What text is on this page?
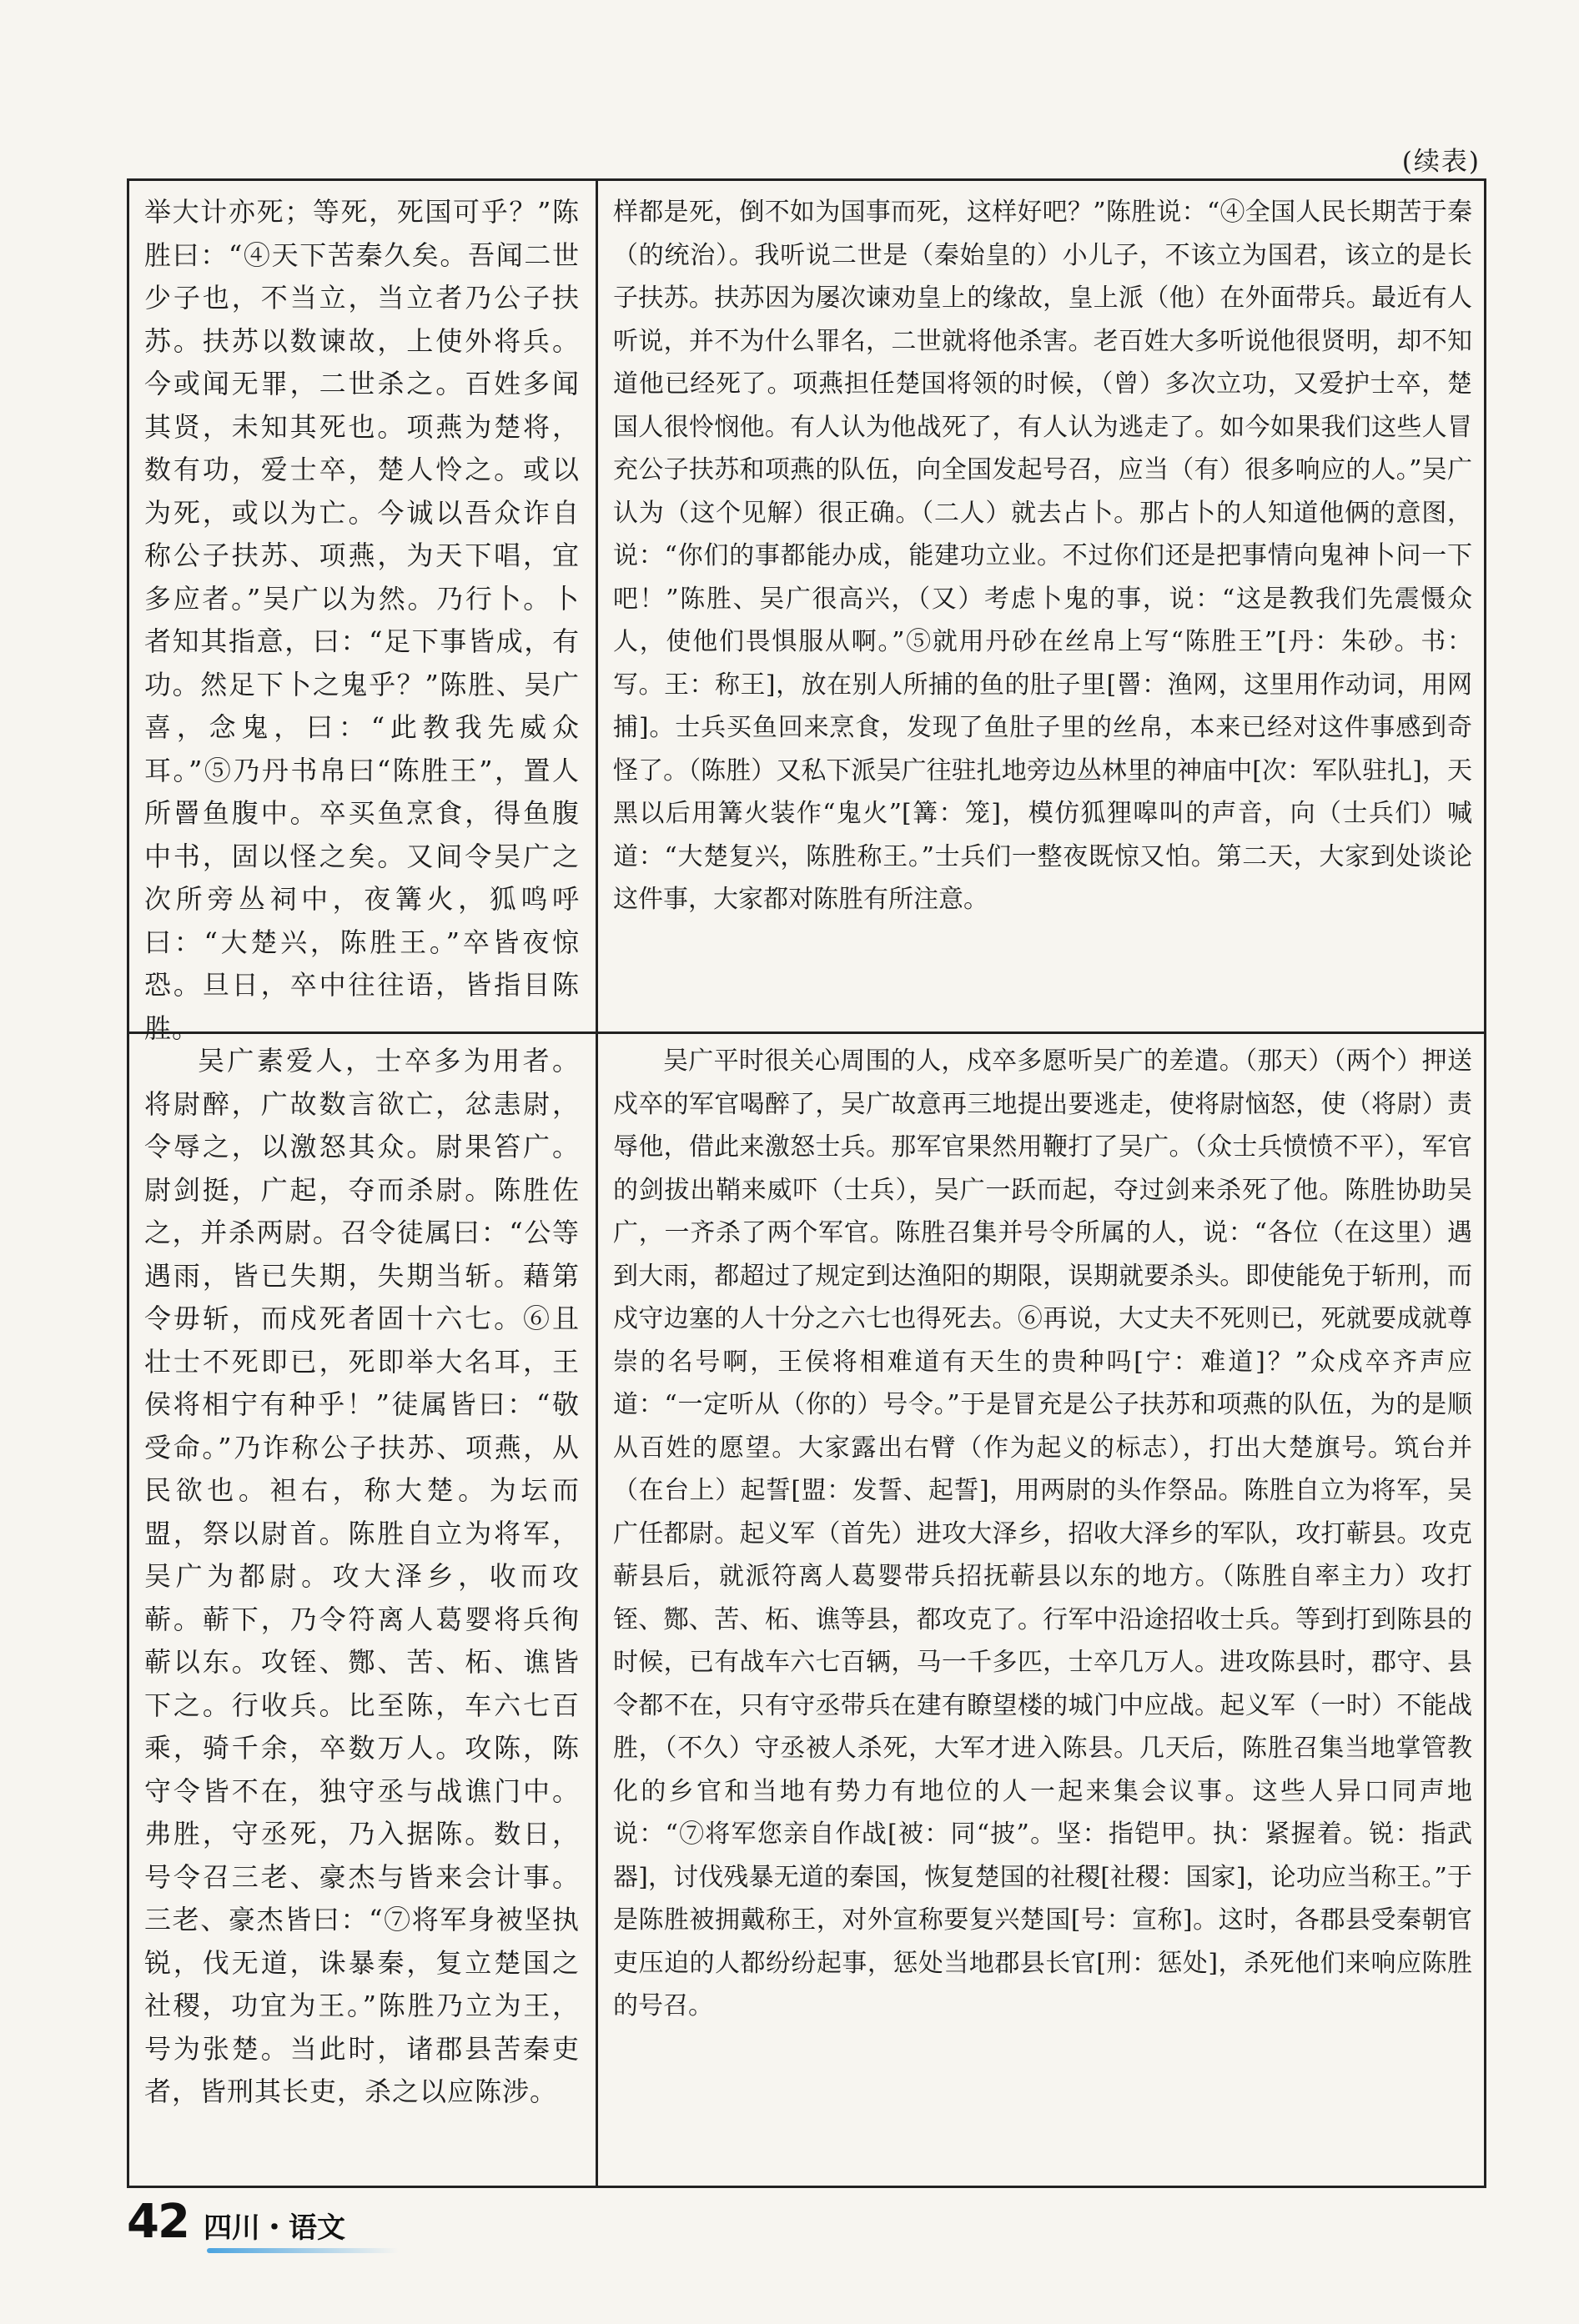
(续表)

举大计亦死；等死，死国可乎？”陈胜曰：“④天下苦秦久矣。吾闻二世少子也，不当立，当立者乃公子扶苏。扶苏以数谏故，上使外将兵。今或闻无罪，二世杀之。百姓多闻其贤，未知其死也。项燕为楚将，数有功，爱士卒，楚人怜之。或以为死，或以为亡。今诚以吾众诈自称公子扶苏、项燕，为天下唱，宜多应者。”吴广以为然。乃行卜。卜者知其指意，曰：“足下事皆成，有功。然足下卜之鬼乎？”陈胜、吴广喜，念鬼，曰：“此教我先威众耳。”⑤乃丹书帛曰“陈胜王”，置人所罾鱼腹中。卒买鱼烹食，得鱼腹中书，固以怪之矣。又间令吴广之次所旁丛祠中，夜篝火，狐鸣呼曰：“大楚兴，陈胜王。”卒皆夜惊恐。旦日，卒中往往语，皆指目陈胜。

样都是死，倒不如为国事而死，这样好吧？”陈胜说：“④全国人民长期苦于秦（的统治）。我听说二世是（秦始皇的）小儿子，不该立为国君，该立的是长子扶苏。扶苏因为屡次谏劝皇上的缘故，皇上派（他）在外面带兵。最近有人听说，并不为什么罪名，二世就将他杀害。老百姓大多听说他很贤明，却不知道他已经死了。项燕担任楚国将领的时候，（曾）多次立功，又爱护士卒，楚国人很怜悯他。有人认为他战死了，有人认为逃走了。如今如果我们这些人冒充公子扶苏和项燕的队伍，向全国发起号召，应当（有）很多响应的人。”吴广认为（这个见解）很正确。（二人）就去占卜。那占卜的人知道他俩的意图，说：“你们的事都能办成，能建功立业。不过你们还是把事情向鬼神卜问一下吧！”陈胜、吴广很高兴，（又）考虑卜鬼的事，说：“这是教我们先震慑众人，使他们畏惧服从啊。”⑤就用丹砂在丝帛上写“陈胜王”[丹：朱砂。书：写。王：称王]，放在别人所捕的鱼的肚子里[罾：渔网，这里用作动词，用网捕]。士兵买鱼回来烹食，发现了鱼肚子里的丝帛，本来已经对这件事感到奇怪了。（陈胜）又私下派吴广往驻扎地旁边丛林里的神庙中[次：军队驻扎]，天黑以后用篝火装作“鬼火”[篝：笼]，模仿狐狸嗥叫的声音，向（士兵们）喊道：“大楚复兴，陈胜称王。”士兵们一整夜既惊又怕。第二天，大家到处谈论这件事，大家都对陈胜有所注意。

吴广素爱人，士卒多为用者。将尉醉，广故数言欲亡，忿恚尉，令辱之，以激怒其众。尉果笞广。尉剑挺，广起，夺而杀尉。陈胜佐之，并杀两尉。召令徒属曰：“公等遇雨，皆已失期，失期当斩。藉第令毋斩，而戍死者固十六七。⑥且壮士不死即已，死即举大名耳，王侯将相宁有种乎！”徒属皆曰：“敬受命。”乃诈称公子扶苏、项燕，从民欲也。袒右，称大楚。为坛而盟，祭以尉首。陈胜自立为将军，吴广为都尉。攻大泽乡，收而攻蕲。蕲下，乃令符离人葛婴将兵徇蕲以东。攻铚、酂、苦、柘、谯皆下之。行收兵。比至陈，车六七百乘，骑千余，卒数万人。攻陈，陈守令皆不在，独守丞与战谯门中。弗胜，守丞死，乃入据陈。数日，号令召三老、豪杰与皆来会计事。三老、豪杰皆曰：“⑦将军身被坚执锐，伐无道，诛暴秦，复立楚国之社稷，功宜为王。”陈胜乃立为王，号为张楚。当此时，诸郡县苦秦吏者，皆刑其长吏，杀之以应陈涉。

吴广平时很关心周围的人，戍卒多愿听吴广的差遣。（那天）（两个）押送戍卒的军官喝醉了，吴广故意再三地提出要逃走，使将尉恼怒，使（将尉）责辱他，借此来激怒士兵。那军官果然用鞭打了吴广。（众士兵愤愤不平），军官的剑拔出鞘来威吓（士兵），吴广一跃而起，夺过剑来杀死了他。陈胜协助吴广，一齐杀了两个军官。陈胜召集并号令所属的人，说：“各位（在这里）遇到大雨，都超过了规定到达渔阳的期限，误期就要杀头。即使能免于斩刑，而戍守边塞的人十分之六七也得死去。⑥再说，大丈夫不死则已，死就要成就尊崇的名号啊，王侯将相难道有天生的贵种吗[宁：难道]？”众戍卒齐声应道：“一定听从（你的）号令。”于是冒充是公子扶苏和项燕的队伍，为的是顺从百姓的愿望。大家露出右臂（作为起义的标志），打出大楚旗号。筑台并（在台上）起誓[盟：发誓、起誓]，用两尉的头作祭品。陈胜自立为将军，吴广任都尉。起义军（首先）进攻大泽乡，招收大泽乡的军队，攻打蕲县。攻克蕲县后，就派符离人葛婴带兵招抚蕲县以东的地方。（陈胜自率主力）攻打铚、酂、苦、柘、谯等县，都攻克了。行军中沿途招收士兵。等到打到陈县的时候，已有战车六七百辆，马一千多匹，士卒几万人。进攻陈县时，郡守、县令都不在，只有守丞带兵在建有瞭望楼的城门中应战。起义军（一时）不能战胜，（不久）守丞被人杀死，大军才进入陈县。几天后，陈胜召集当地掌管教化的乡官和当地有势力有地位的人一起来集会议事。这些人异口同声地说：“⑦将军您亲自作战[被：同“披”。坚：指铠甲。执：紧握着。锐：指武器]，讨伐残暴无道的秦国，恢复楚国的社稷[社稷：国家]，论功应当称王。”于是陈胜被拥戴称王，对外宣称要复兴楚国[号：宣称]。这时，各郡县受秦朝官吏压迫的人都纷纷起事，惩处当地郡县长官[刑：惩处]，杀死他们来响应陈胜的号召。

42 四川・语文
